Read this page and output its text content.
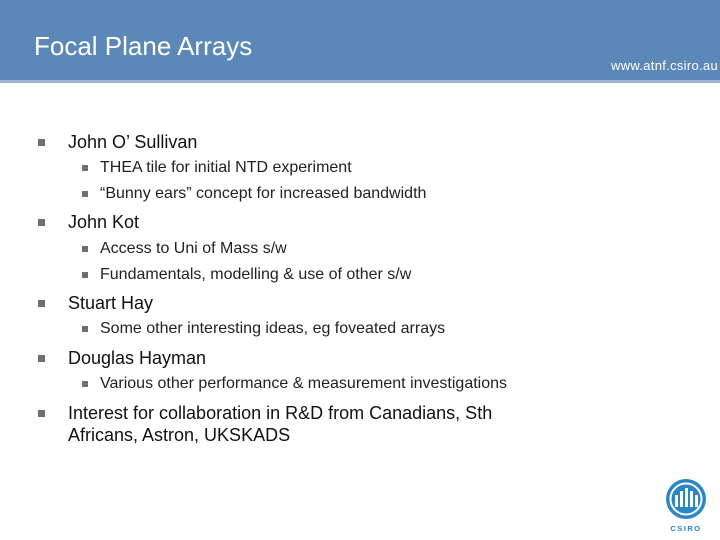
Focal Plane Arrays
www.atnf.csiro.au
John O’ Sullivan
THEA tile for initial NTD experiment
“Bunny ears” concept for increased bandwidth
John Kot
Access to Uni of Mass s/w
Fundamentals, modelling & use of other s/w
Stuart Hay
Some other interesting ideas, eg foveated arrays
Douglas Hayman
Various other performance & measurement investigations
Interest for collaboration in R&D from Canadians, Sth
Africans, Astron, UKSKADS
CSIRO
